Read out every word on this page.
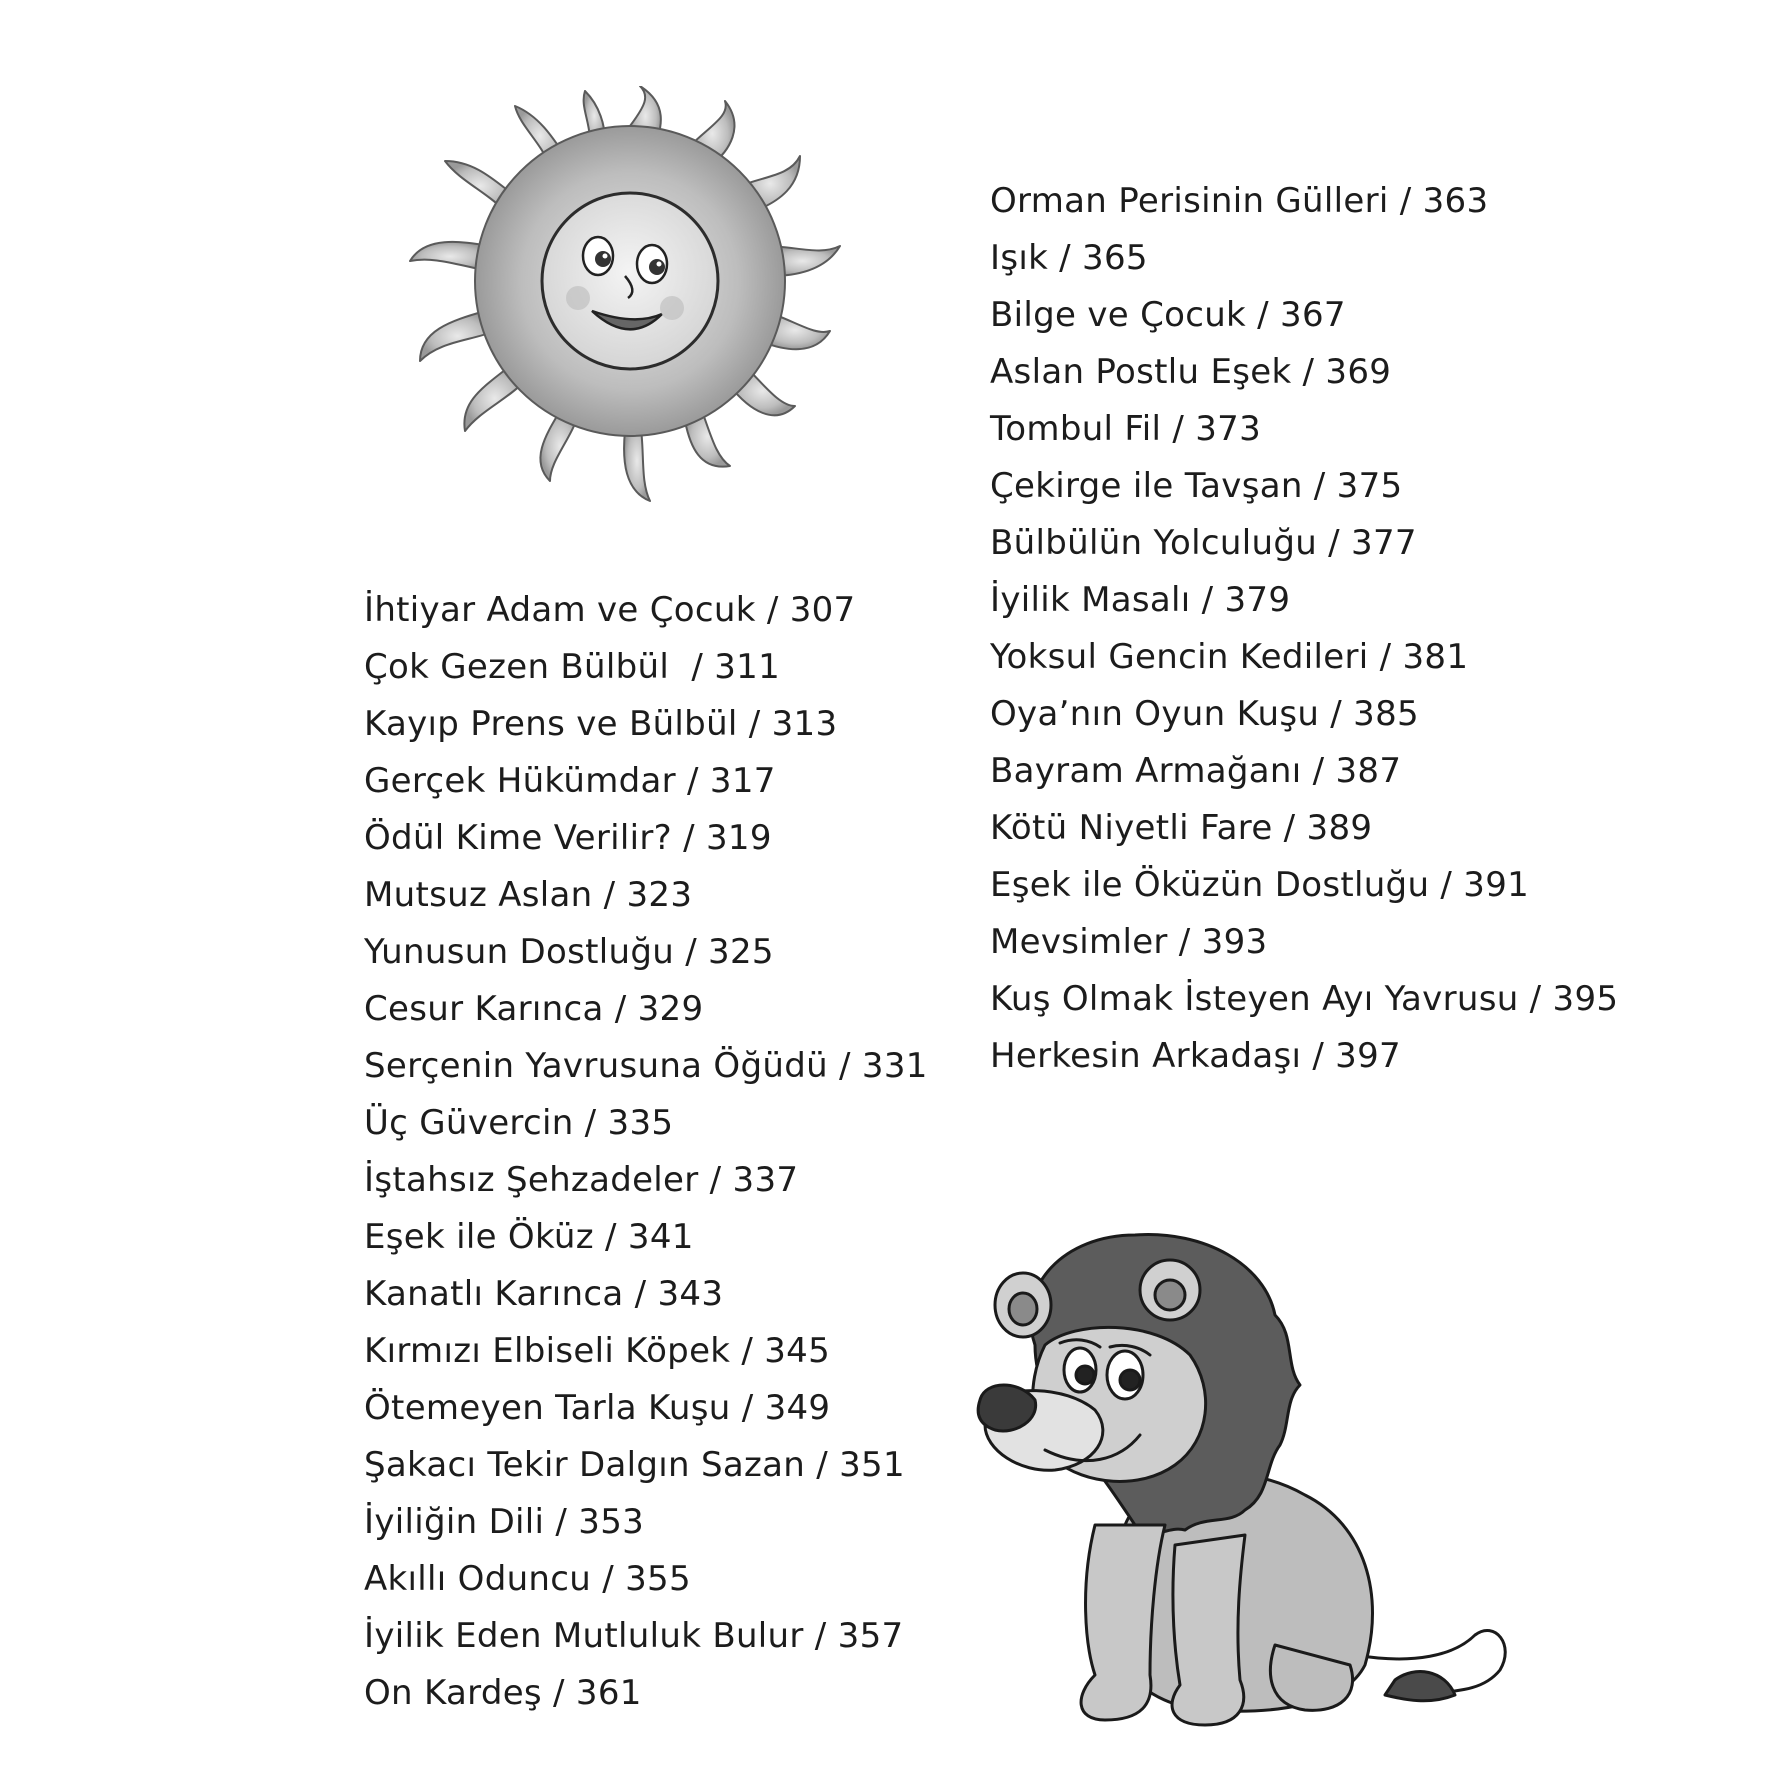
İhtiyar Adam ve Çocuk / 307
Çok Gezen Bülbül  / 311
Kayıp Prens ve Bülbül / 313
Gerçek Hükümdar / 317
Ödül Kime Verilir? / 319
Mutsuz Aslan / 323
Yunusun Dostluğu / 325
Cesur Karınca / 329
Serçenin Yavrusuna Öğüdü / 331
Üç Güvercin / 335
İştahsız Şehzadeler / 337
Eşek ile Öküz / 341
Kanatlı Karınca / 343
Kırmızı Elbiseli Köpek / 345
Ötemeyen Tarla Kuşu / 349
Şakacı Tekir Dalgın Sazan / 351
İyiliğin Dili / 353
Akıllı Oduncu / 355
İyilik Eden Mutluluk Bulur / 357
On Kardeş / 361
Orman Perisinin Gülleri / 363
Işık / 365
Bilge ve Çocuk / 367
Aslan Postlu Eşek / 369
Tombul Fil / 373
Çekirge ile Tavşan / 375
Bülbülün Yolculuğu / 377
İyilik Masalı / 379
Yoksul Gencin Kedileri / 381
Oya’nın Oyun Kuşu / 385
Bayram Armağanı / 387
Kötü Niyetli Fare / 389
Eşek ile Öküzün Dostluğu / 391
Mevsimler / 393
Kuş Olmak İsteyen Ayı Yavrusu / 395
Herkesin Arkadaşı / 397
